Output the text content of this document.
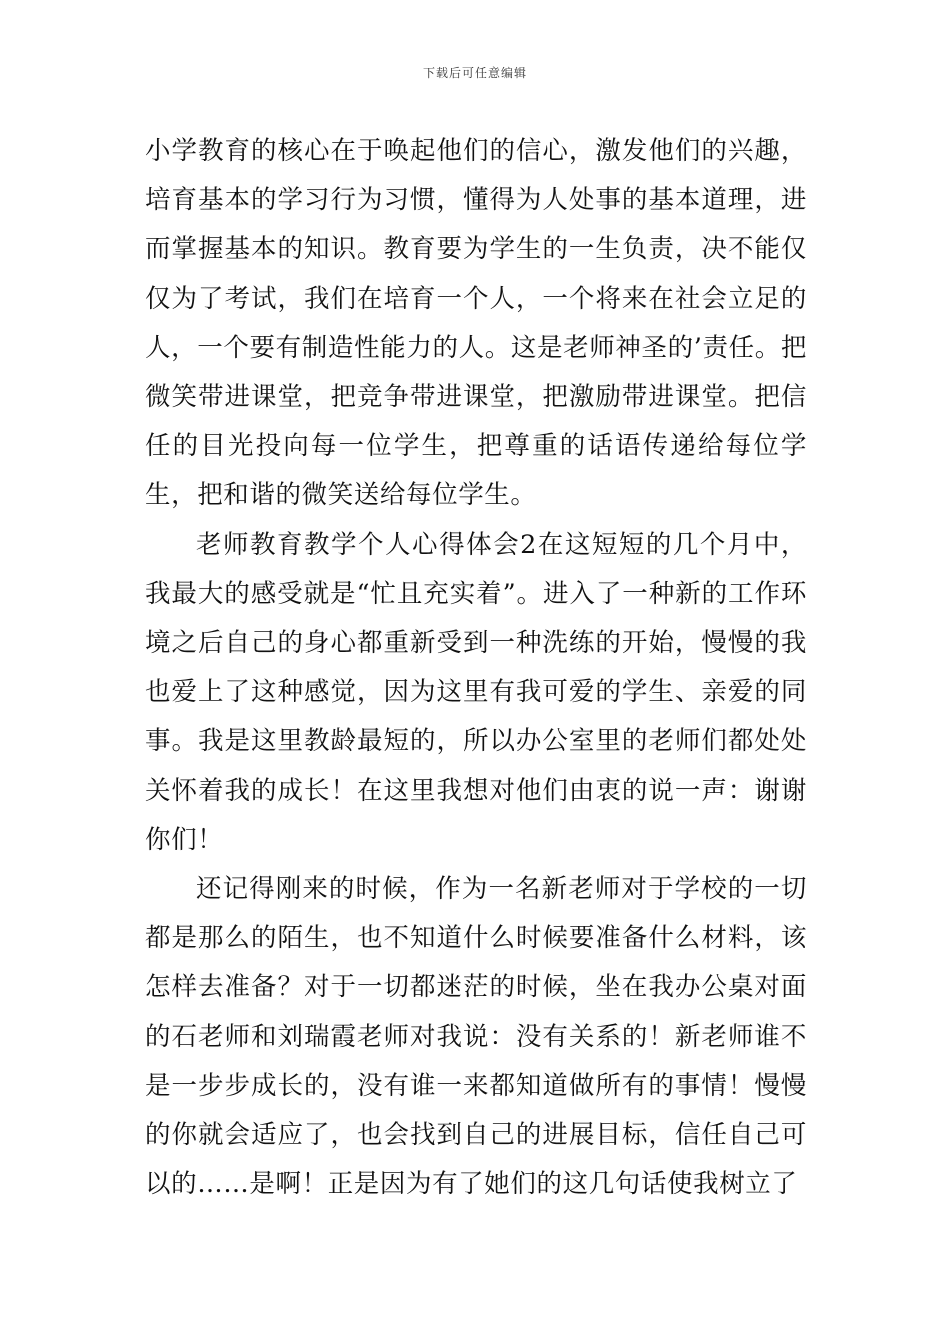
下载后可任意编辑

小学教育的核心在于唤起他们的信心，激发他们的兴趣，培育基本的学习行为习惯，懂得为人处事的基本道理，进而掌握基本的知识。教育要为学生的一生负责，决不能仅仅为了考试，我们在培育一个人，一个将来在社会立足的人，一个要有制造性能力的人。这是老师神圣的’责任。把微笑带进课堂，把竞争带进课堂，把激励带进课堂。把信任的目光投向每一位学生，把尊重的话语传递给每位学生，把和谐的微笑送给每位学生。

老师教育教学个人心得体会2在这短短的几个月中，我最大的感受就是“忙且充实着”。进入了一种新的工作环境之后自己的身心都重新受到一种洗练的开始，慢慢的我也爱上了这种感觉，因为这里有我可爱的学生、亲爱的同事。我是这里教龄最短的，所以办公室里的老师们都处处关怀着我的成长！在这里我想对他们由衷的说一声：谢谢你们！

还记得刚来的时候，作为一名新老师对于学校的一切都是那么的陌生，也不知道什么时候要准备什么材料，该怎样去准备？对于一切都迷茫的时候，坐在我办公桌对面的石老师和刘瑞霞老师对我说：没有关系的！新老师谁不是一步步成长的，没有谁一来都知道做所有的事情！慢慢的你就会适应了，也会找到自己的进展目标，信任自己可以的……是啊！正是因为有了她们的这几句话使我树立了
